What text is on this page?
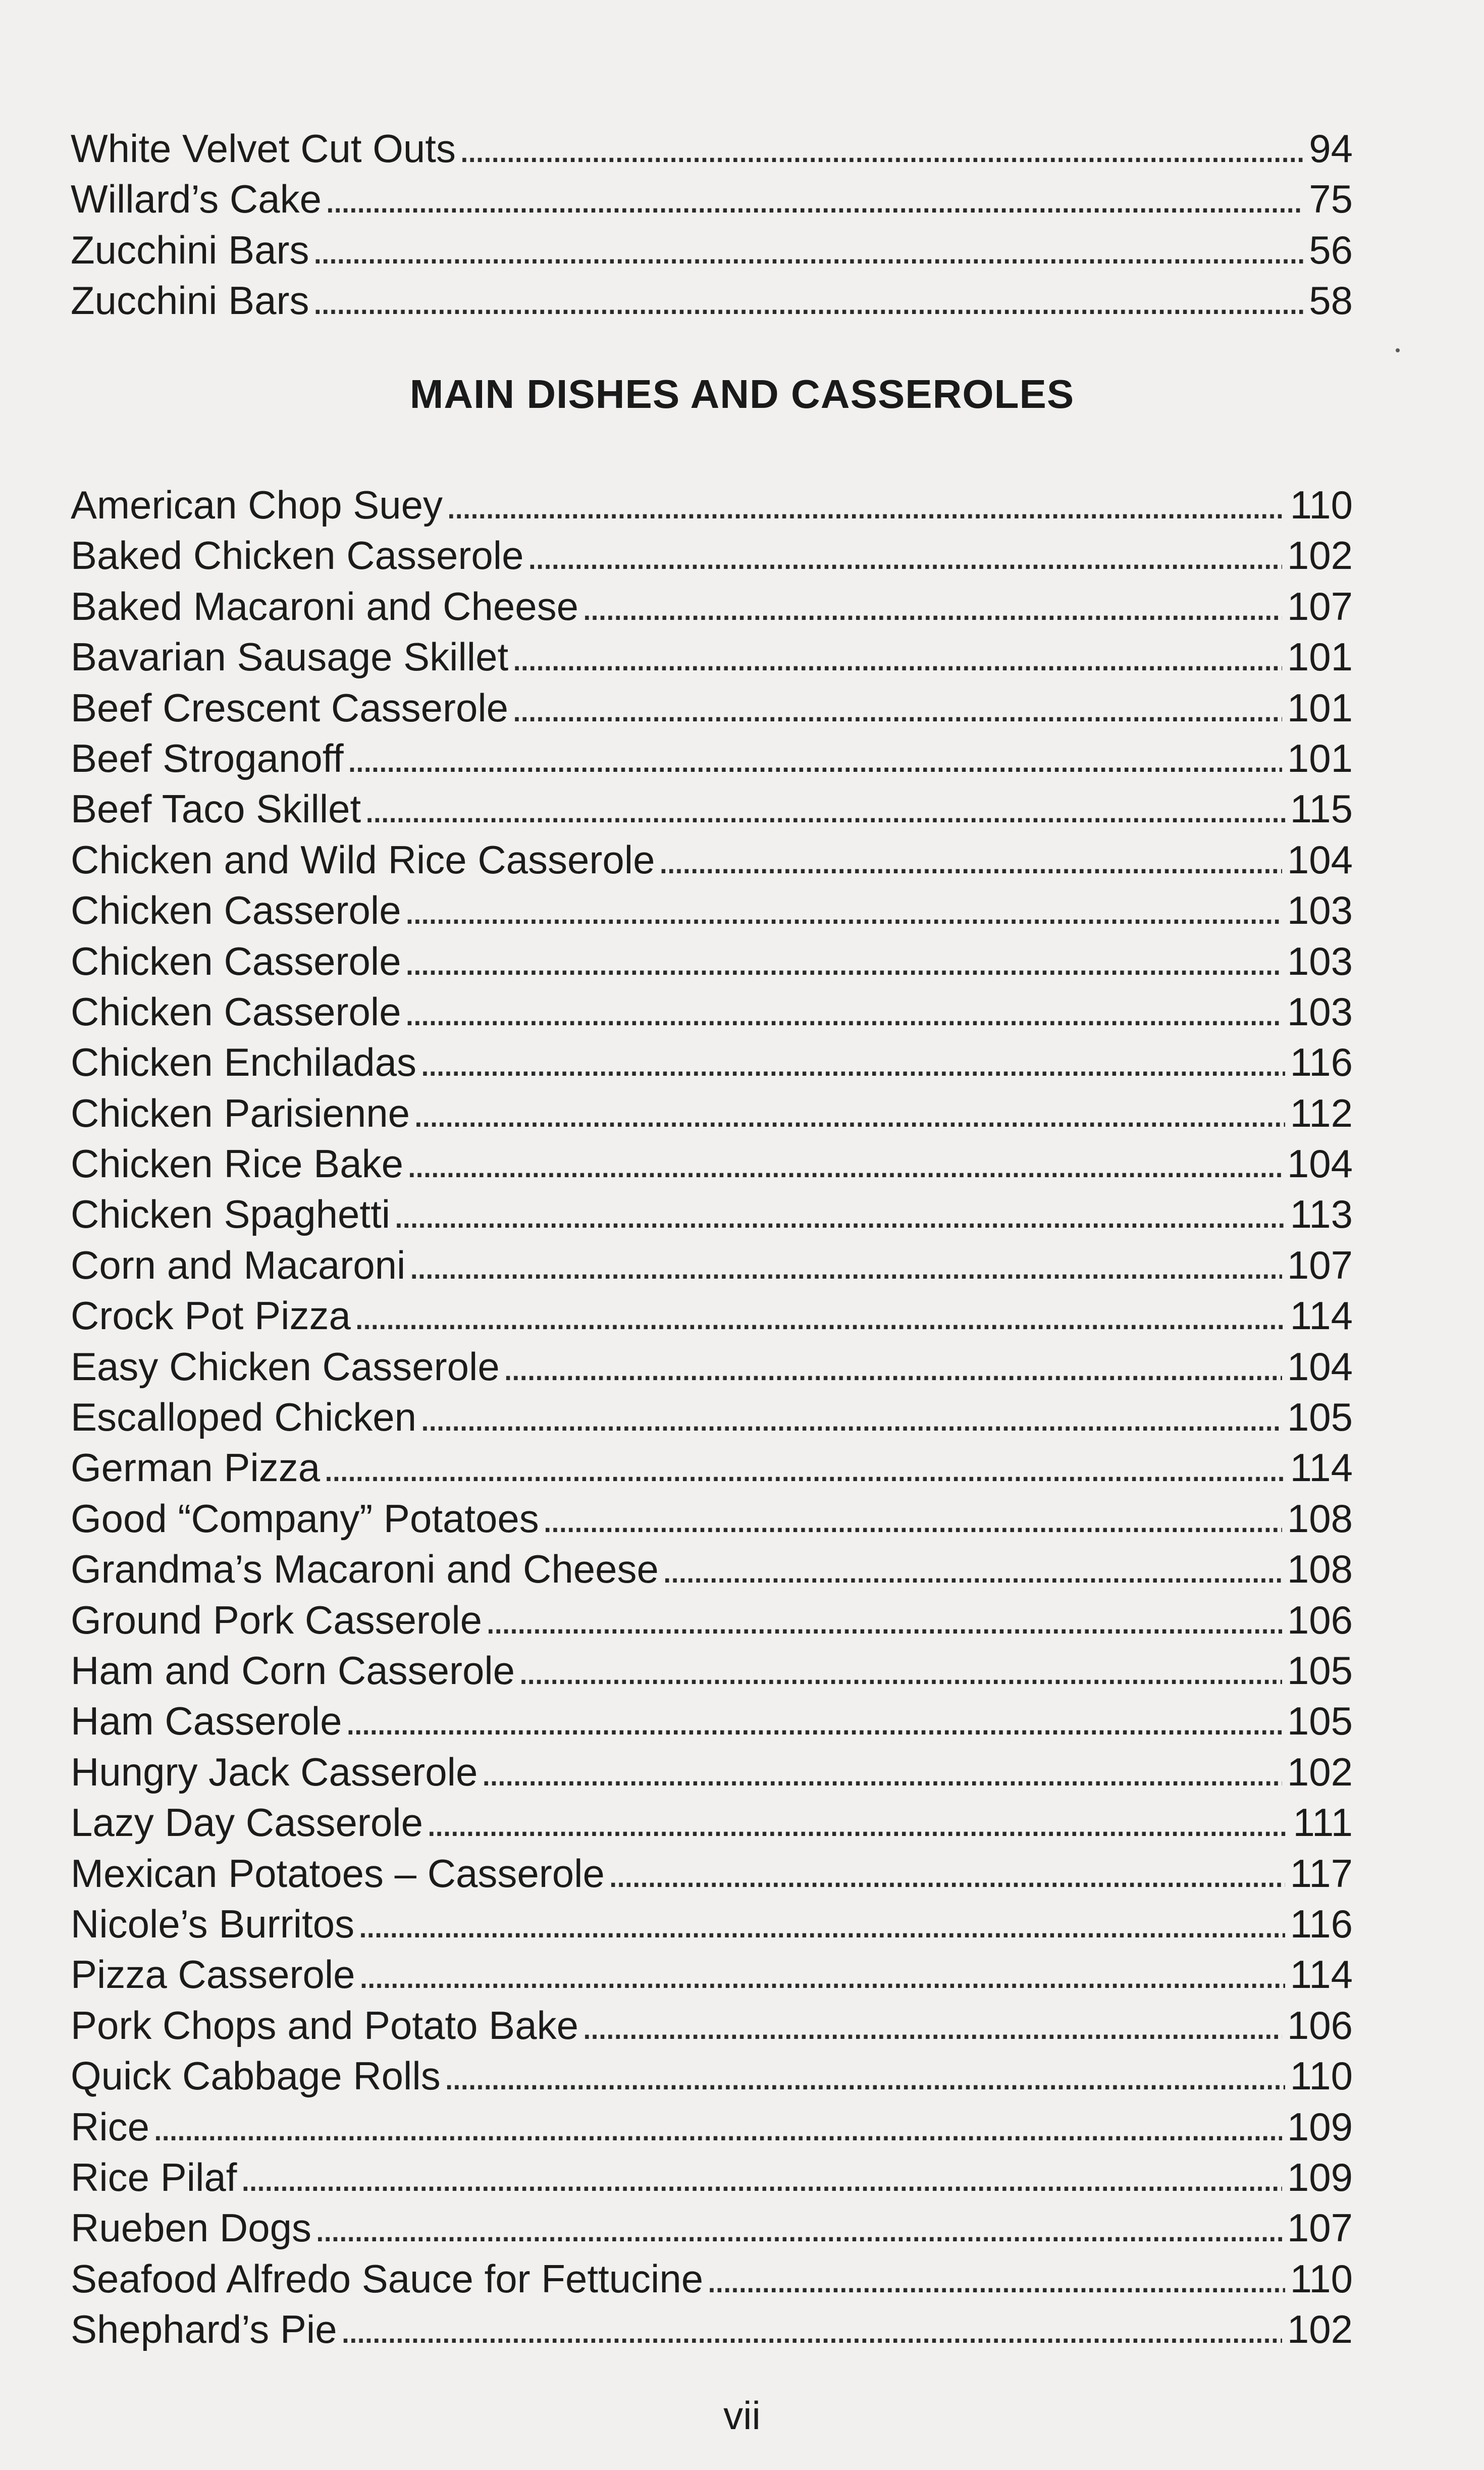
White Velvet Cut Outs . . .	94
Willard’s Cake . . .	75
Zucchini Bars . . .	56
Zucchini Bars . . .	58
MAIN DISHES AND CASSEROLES
American Chop Suey . . .	110
Baked Chicken Casserole . . .	102
Baked Macaroni and Cheese . . .	107
Bavarian Sausage Skillet . . .	101
Beef Crescent Casserole . . .	101
Beef Stroganoff . . .	101
Beef Taco Skillet . . .	115
Chicken and Wild Rice Casserole . . .	104
Chicken Casserole . . .	103
Chicken Casserole . . .	103
Chicken Casserole . . .	103
Chicken Enchiladas . . .	116
Chicken Parisienne . . .	112
Chicken Rice Bake . . .	104
Chicken Spaghetti . . .	113
Corn and Macaroni . . .	107
Crock Pot Pizza . . .	114
Easy Chicken Casserole . . .	104
Escalloped Chicken . . .	105
German Pizza . . .	114
Good “Company” Potatoes . . .	108
Grandma’s Macaroni and Cheese . . .	108
Ground Pork Casserole . . .	106
Ham and Corn Casserole . . .	105
Ham Casserole . . .	105
Hungry Jack Casserole . . .	102
Lazy Day Casserole . . .	111
Mexican Potatoes – Casserole . . .	117
Nicole’s Burritos . . .	116
Pizza Casserole . . .	114
Pork Chops and Potato Bake . . .	106
Quick Cabbage Rolls . . .	110
Rice . . .	109
Rice Pilaf . . .	109
Rueben Dogs . . .	107
Seafood Alfredo Sauce for Fettucine . . .	110
Shephard’s Pie . . .	102
vii
